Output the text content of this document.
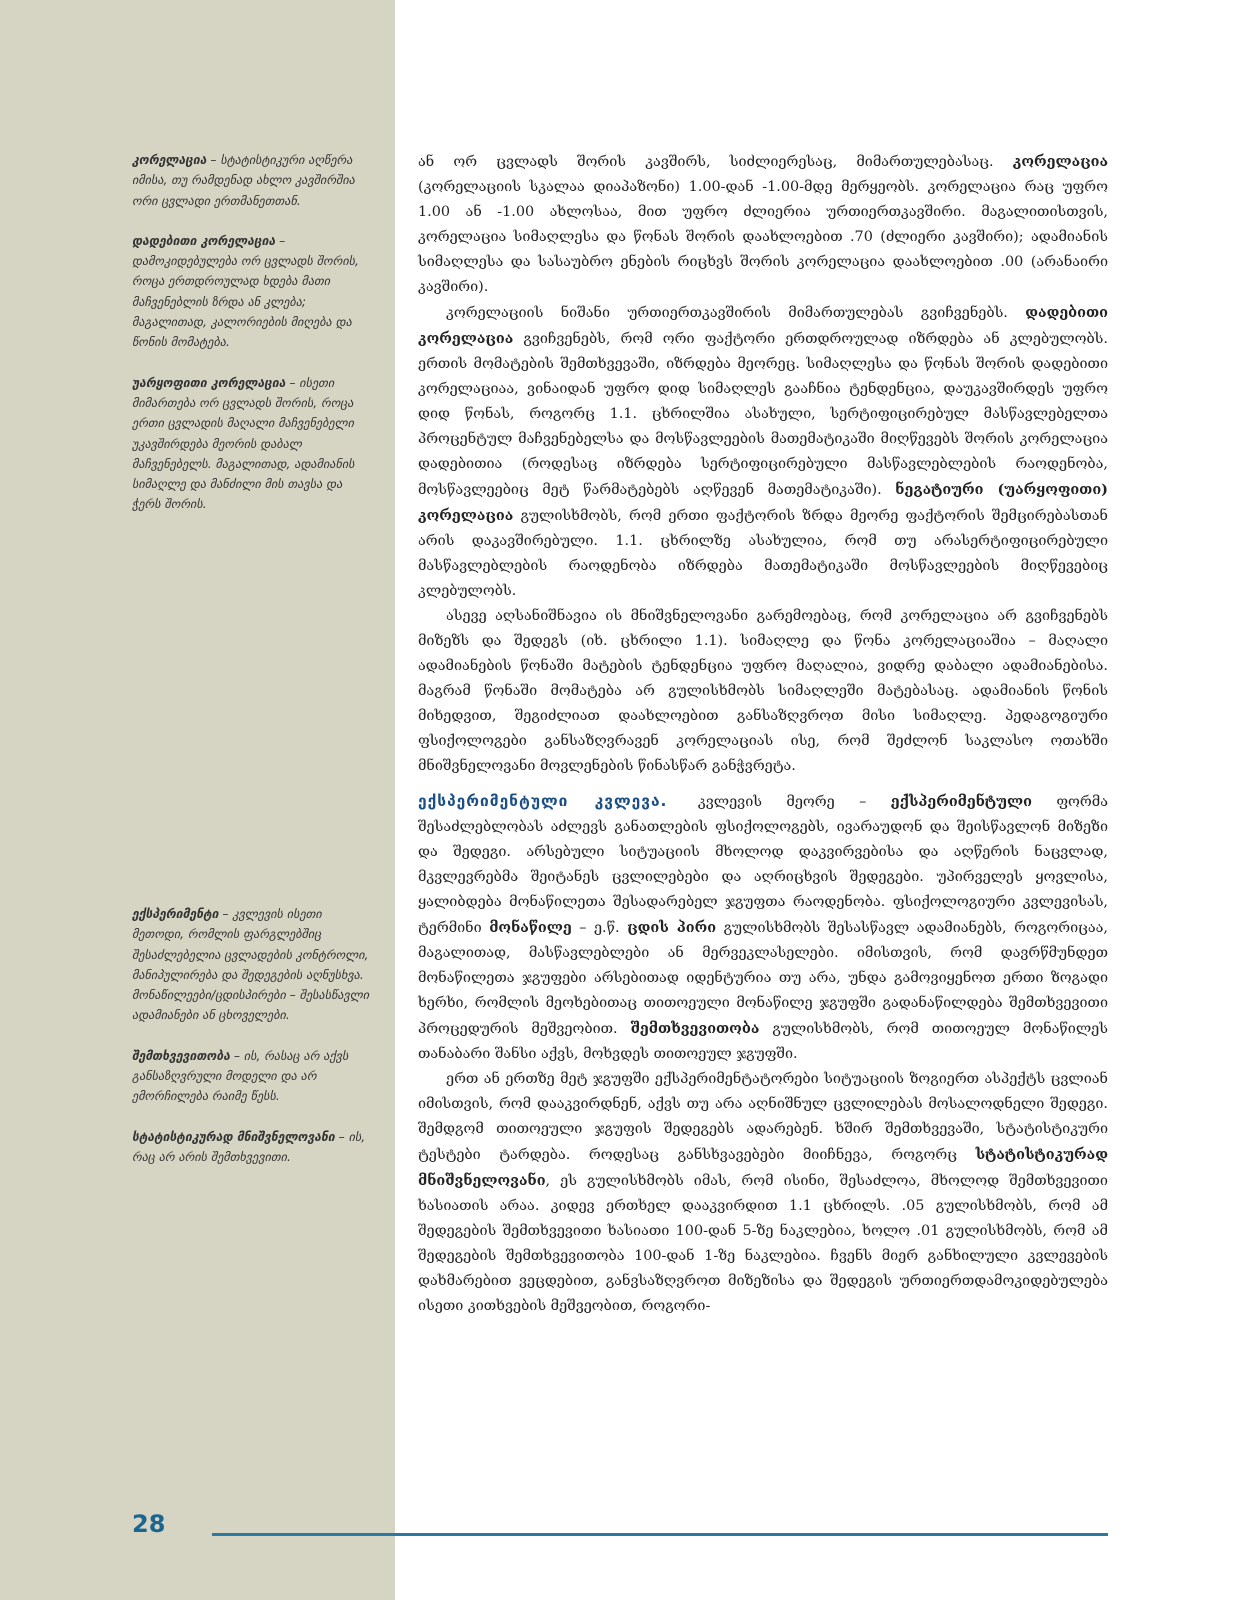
კორელაცია – სტატისტიკური აღწერა იმისა, თუ რამდენად ახლო კავშირშია ორი ცვლადი ერთმანეთთან.

დადებითი კორელაცია – დამოკიდებულება ორ ცვლადს შორის, როცა ერთდროულად ხდება მათი მაჩვენებლის ზრდა ან კლება; მაგალითად, კალორიების მიღება და წონის მომატება.

უარყოფითი კორელაცია – ისეთი მიმართება ორ ცვლადს შორის, როცა ერთი ცვლადის მაღალი მაჩვენებელი უკავშირდება მეორის დაბალ მაჩვენებელს. მაგალითად, ადამიანის სიმაღლე და მანძილი მის თავსა და ჭერს შორის.

ექსპერიმენტი – კვლევის ისეთი მეთოდი, რომლის ფარგლებშიც შესაძლებელია ცვლადების კონტროლი, მანიპულირება და შედეგების აღნუსხვა. მონაწილეები/ცდისპირები – შესასწავლი ადამიანები ან ცხოველები.

შემთხვევითობა – ის, რასაც არ აქვს განსაზღვრული მოდელი და არ ემორჩილება რაიმე წესს.

სტატისტიკურად მნიშვნელოვანი – ის, რაც არ არის შემთხვევითი.

ან ორ ცვლადს შორის კავშირს, სიძლიერესაც, მიმართულებასაც. კორელაცია (კორელაციის სკალაა დიაპაზონი) 1.00-დან -1.00-მდე მერყეობს. კორელაცია რაც უფრო 1.00 ან -1.00 ახლოსაა, მით უფრო ძლიერია ურთიერთკავშირი. მაგალითისთვის, კორელაცია სიმაღლესა და წონას შორის დაახლოებით .70 (ძლიერი კავშირი); ადამიანის სიმაღლესა და სასაუბრო ენების რიცხვს შორის კორელაცია დაახლოებით .00 (არანაირი კავშირი).

კორელაციის ნიშანი ურთიერთკავშირის მიმართულებას გვიჩვენებს. დადებითი კორელაცია გვიჩვენებს, რომ ორი ფაქტორი ერთდროულად იზრდება ან კლებულობს. ერთის მომატების შემთხვევაში, იზრდება მეორეც. სიმაღლესა და წონას შორის დადებითი კორელაციაა, ვინაიდან უფრო დიდ სიმაღლეს გააჩნია ტენდენცია, დაუკავშირდეს უფრო დიდ წონას, როგორც 1.1. ცხრილშია ასახული, სერტიფიცირებულ მასწავლებელთა პროცენტულ მაჩვენებელსა და მოსწავლეების მათემატიკაში მიღწევებს შორის კორელაცია დადებითია (როდესაც იზრდება სერტიფიცირებული მასწავლებლების რაოდენობა, მოსწავლეებიც მეტ წარმატებებს აღწევენ მათემატიკაში). ნეგატიური (უარყოფითი) კორელაცია გულისხმობს, რომ ერთი ფაქტორის ზრდა მეორე ფაქტორის შემცირებასთან არის დაკავშირებული. 1.1. ცხრილზე ასახულია, რომ თუ არასერტიფიცირებული მასწავლებლების რაოდენობა იზრდება მათემატიკაში მოსწავლეების მიღწევებიც კლებულობს.

ასევე აღსანიშნავია ის მნიშვნელოვანი გარემოებაც, რომ კორელაცია არ გვიჩვენებს მიზეზს და შედეგს (იხ. ცხრილი 1.1). სიმაღლე და წონა კორელაციაშია – მაღალი ადამიანების წონაში მატების ტენდენცია უფრო მაღალია, ვიდრე დაბალი ადამიანებისა. მაგრამ წონაში მომატება არ გულისხმობს სიმაღლეში მატებასაც. ადამიანის წონის მიხედვით, შეგიძლიათ დაახლოებით განსაზღვროთ მისი სიმაღლე. პედაგოგიური ფსიქოლოგები განსაზღვრავენ კორელაციას ისე, რომ შეძლონ საკლასო ოთახში მნიშვნელოვანი მოვლენების წინასწარ განჭვრეტა.

ექსპერიმენტული კვლევა. კვლევის მეორე – ექსპერიმენტული ფორმა შესაძლებლობას აძლევს განათლების ფსიქოლოგებს, ივარაუდონ და შეისწავლონ მიზეზი და შედეგი. არსებული სიტუაციის მხოლოდ დაკვირვებისა და აღწერის ნაცვლად, მკვლევრებმა შეიტანეს ცვლილებები და აღრიცხვის შედეგები. უპირველეს ყოვლისა, ყალიბდება მონაწილეთა შესადარებელ ჯგუფთა რაოდენობა. ფსიქოლოგიური კვლევისას, ტერმინი მონაწილე – ე.წ. ცდის პირი გულისხმობს შესასწავლ ადამიანებს, როგორიცაა, მაგალითად, მასწავლებლები ან მერვეკლასელები. იმისთვის, რომ დავრწმუნდეთ მონაწილეთა ჯგუფები არსებითად იდენტურია თუ არა, უნდა გამოვიყენოთ ერთი ზოგადი ხერხი, რომლის მეოხებითაც თითოეული მონაწილე ჯგუფში გადანაწილდება შემთხვევითი პროცედურის მეშვეობით. შემთხვევითობა გულისხმობს, რომ თითოეულ მონაწილეს თანაბარი შანსი აქვს, მოხვდეს თითოეულ ჯგუფში.

ერთ ან ერთზე მეტ ჯგუფში ექსპერიმენტატორები სიტუაციის ზოგიერთ ასპექტს ცვლიან იმისთვის, რომ დააკვირდნენ, აქვს თუ არა აღნიშნულ ცვლილებას მოსალოდნელი შედეგი. შემდგომ თითოეული ჯგუფის შედეგებს ადარებენ. ხშირ შემთხვევაში, სტატისტიკური ტესტები ტარდება. როდესაც განსხვავებები მიიჩნევა, როგორც სტატისტიკურად მნიშვნელოვანი, ეს გულისხმობს იმას, რომ ისინი, შესაძლოა, მხოლოდ შემთხვევითი ხასიათის არაა. კიდევ ერთხელ დააკვირდით 1.1 ცხრილს. .05 გულისხმობს, რომ ამ შედეგების შემთხვევითი ხასიათი 100-დან 5-ზე ნაკლებია, ხოლო .01 გულისხმობს, რომ ამ შედეგების შემთხვევითობა 100-დან 1-ზე ნაკლებია. ჩვენს მიერ განხილული კვლევების დახმარებით ვეცდებით, განვსაზღვროთ მიზეზისა და შედეგის ურთიერთდამოკიდებულება ისეთი კითხვების მეშვეობით, როგორი-

28
